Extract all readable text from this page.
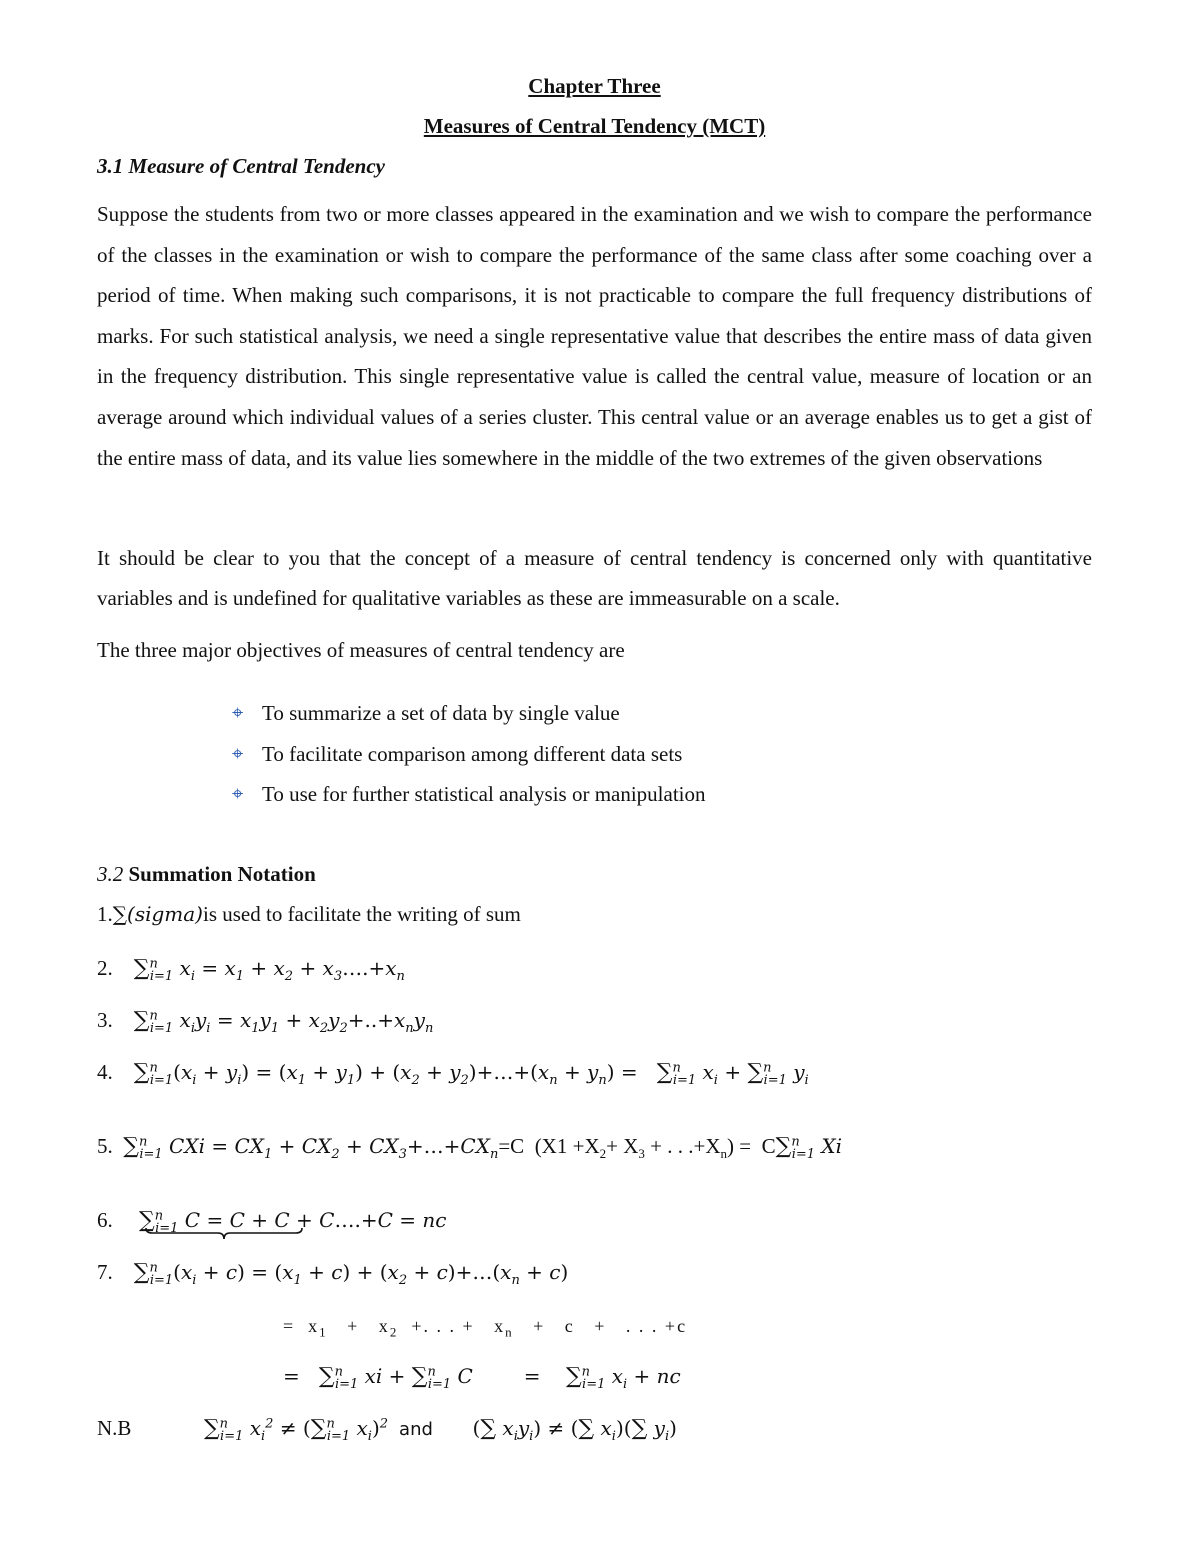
Chapter Three
Measures of Central Tendency (MCT)
3.1 Measure of Central Tendency

Suppose the students from two or more classes appeared in the examination and we wish to compare the performance of the classes in the examination or wish to compare the performance of the same class after some coaching over a period of time. When making such comparisons, it is not practicable to compare the full frequency distributions of marks. For such statistical analysis, we need a single representative value that describes the entire mass of data given in the frequency distribution. This single representative value is called the central value, measure of location or an average around which individual values of a series cluster. This central value or an average enables us to get a gist of the entire mass of data, and its value lies somewhere in the middle of the two extremes of the given observations

It should be clear to you that the concept of a measure of central tendency is concerned only with quantitative variables and is undefined for qualitative variables as these are immeasurable on a scale.

The three major objectives of measures of central tendency are
⌖ To summarize a set of data by single value
⌖ To facilitate comparison among different data sets
⌖ To use for further statistical analysis or manipulation
3.2 Summation Notation
1.∑(sigma)is used to facilitate the writing of sum
2. ∑$^n_{i=1}$ $x_i = x_1 + x_2$ + $x_3\dots.+x_n$
3. ∑$^n_{i=1}$ $x_iy_i = x_1y_1 + x_2y_2+..+x_ny_n$
4. $\sum^n_{i=1}(x_i + y_i) = (x_1 + y_1) + (x_2$ + $y_2)+\dots+(x_n + y_n) = \sum^n_{i=1}$ $x_i + \sum^n_{i=1}$ $y_i$
5. ∑$^n_{i=1}$ CXi = $CX_1 + CX_2$ + $CX_3+\dots+CX_n=C$  ($X1 +X_2+ X_3$ + . . $.+X_n) = C\sum^n_{i=1}$ Xi
6. ∑$^n_{i=1}$ C = C + C + C….+C = nc
7. $\sum^n_{i=1}(x_i + c) = (x_1 + c) + (x_2$ + $c)+\dots(x_n + c)$
=  $x_1 + x_2$  +. . . +   $x_n + c$   +   . . . +c
= ∑$^n_{i=1}$ xi + ∑$^n_{i=1}$ C        = ∑$^n_{i=1}$ $x_i$ + nc
N.B	∑$^n_{i=1}$ $x_i^2 \ne (\sum^n_{i=1}$ $x_i)^2$ and (∑ $x_iy_i$) ≠ (∑ $x_i)(\sum$ $y_i$)
